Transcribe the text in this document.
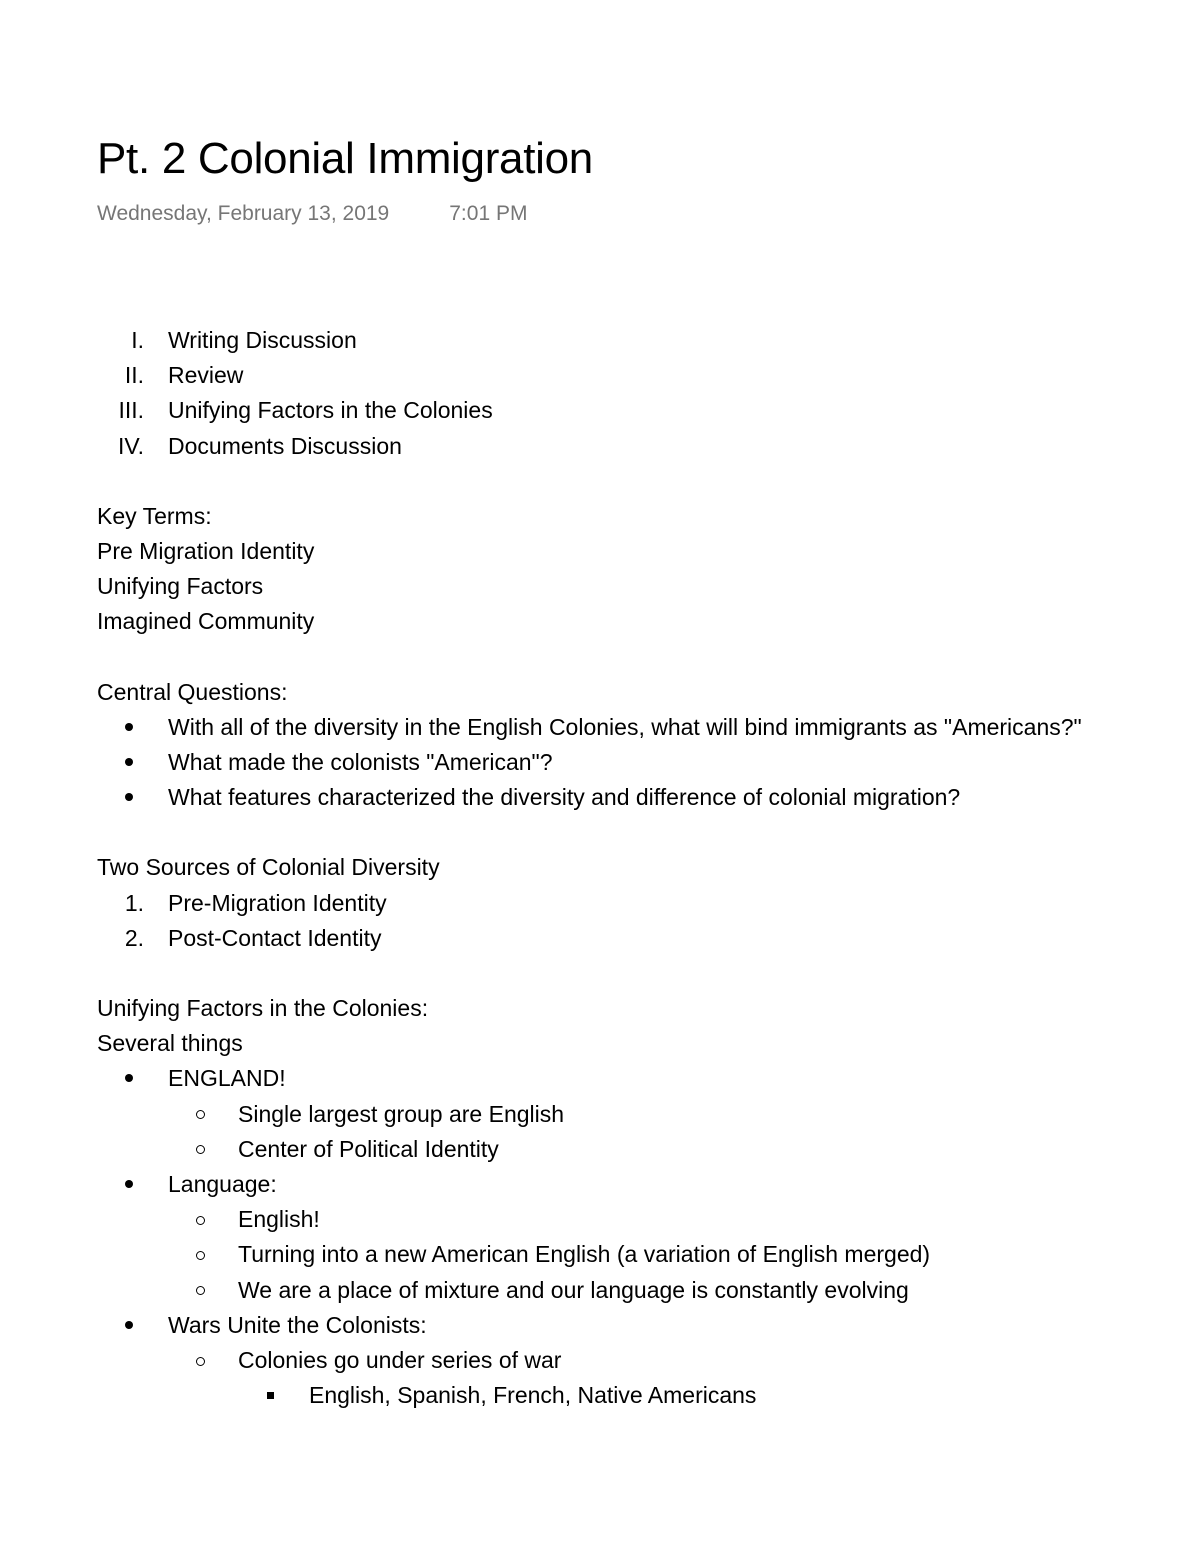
Pt. 2 Colonial Immigration
Wednesday, February 13, 2019	7:01 PM
I. Writing Discussion
II. Review
III. Unifying Factors in the Colonies
IV. Documents Discussion
Key Terms:
Pre Migration Identity
Unifying Factors
Imagined Community
Central Questions:
With all of the diversity in the English Colonies, what will bind immigrants as "Americans?"
What made the colonists "American"?
What features characterized the diversity and difference of colonial migration?
Two Sources of Colonial Diversity
1. Pre-Migration Identity
2. Post-Contact Identity
Unifying Factors in the Colonies:
Several things
ENGLAND!
Single largest group are English
Center of Political Identity
Language:
English!
Turning into a new American English (a variation of English merged)
We are a place of mixture and our language is constantly evolving
Wars Unite the Colonists:
Colonies go under series of war
English, Spanish, French, Native Americans
